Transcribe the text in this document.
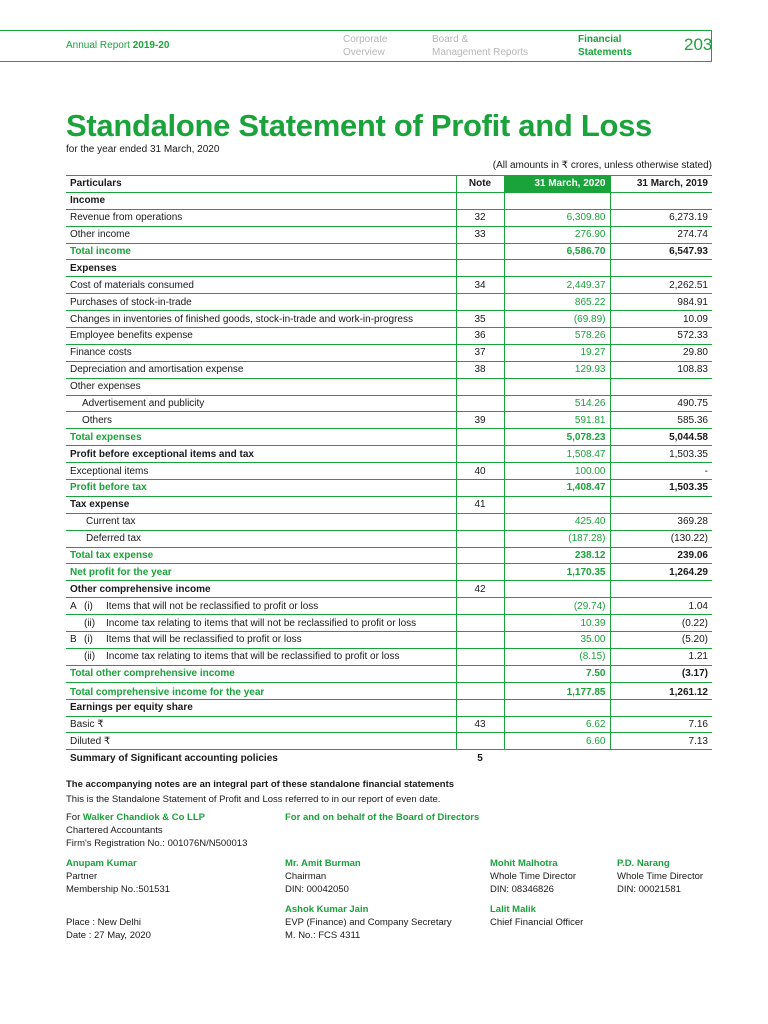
Annual Report 2019-20
Corporate
Overview
Board &
Management Reports
Financial
Statements	203
Standalone Statement of Profit and Loss
for the year ended 31 March, 2020
(All amounts in ₹ crores, unless otherwise stated)
Particulars	Note	31 March, 2020	31 March, 2019
Income			
Revenue from operations	32	6,309.80	6,273.19
Other income	33	276.90	274.74
Total income		6,586.70	6,547.93
Expenses			
Cost of materials consumed	34	2,449.37	2,262.51
Purchases of stock-in-trade		865.22	984.91
Changes in inventories of finished goods, stock-in-trade and work-in-progress	35	(69.89)	10.09
Employee benefits expense	36	578.26	572.33
Finance costs	37	19.27	29.80
Depreciation and amortisation expense	38	129.93	108.83
Other expenses			
Advertisement and publicity		514.26	490.75
Others	39	591.81	585.36
Total expenses		5,078.23	5,044.58
Profit before exceptional items and tax		1,508.47	1,503.35
Exceptional items	40	100.00	-
Profit before tax		1,408.47	1,503.35
Tax expense	41		
Current tax		425.40	369.28
Deferred tax		(187.28)	(130.22)
Total tax expense		238.12	239.06
Net profit for the year		1,170.35	1,264.29
Other comprehensive income	42		
A (i) Items that will not be reclassified to profit or loss		(29.74)	1.04
(ii) Income tax relating to items that will not be reclassified to profit or loss		10.39	(0.22)
B (i) Items that will be reclassified to profit or loss		35.00	(5.20)
(ii) Income tax relating to items that will be reclassified to profit or loss		(8.15)	1.21
Total other comprehensive income		7.50	(3.17)
Total comprehensive income for the year		1,177.85	1,261.12
Earnings per equity share			
Basic ₹	43	6.62	7.16
Diluted ₹		6.60	7.13
Summary of Significant accounting policies	5		
The accompanying notes are an integral part of these standalone financial statements
This is the Standalone Statement of Profit and Loss referred to in our report of even date.
For Walker Chandiok & Co LLP
Chartered Accountants
Firm's Registration No.: 001076N/N500013
For and on behalf of the Board of Directors
Anupam Kumar
Partner
Membership No.:501531
Mr. Amit Burman
Chairman
DIN: 00042050
Mohit Malhotra
Whole Time Director
DIN: 08346826
P.D. Narang
Whole Time Director
DIN: 00021581
Ashok Kumar Jain
EVP (Finance) and Company Secretary
M. No.: FCS 4311
Lalit Malik
Chief Financial Officer
Place : New Delhi
Date : 27 May, 2020
